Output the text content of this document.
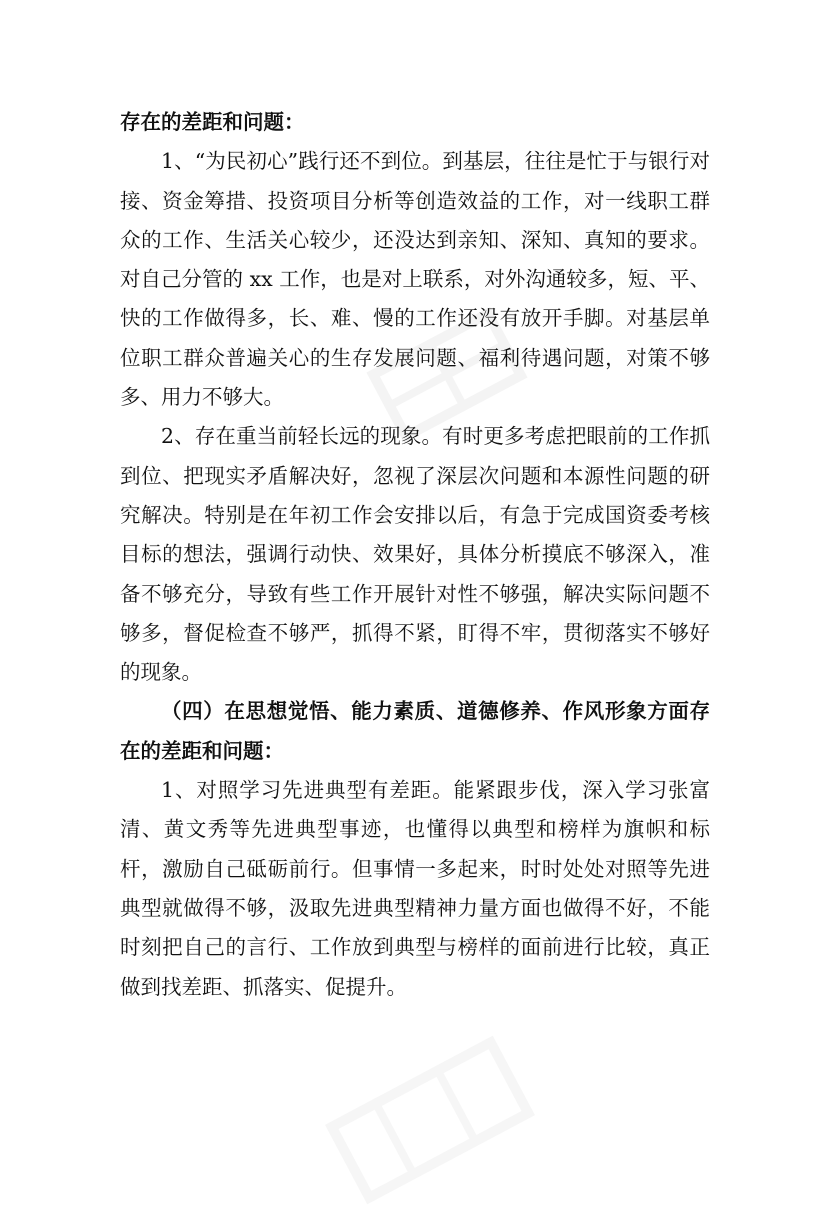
存在的差距和问题：

1、“为民初心”践行还不到位。到基层，往往是忙于与银行对接、资金筹措、投资项目分析等创造效益的工作，对一线职工群众的工作、生活关心较少，还没达到亲知、深知、真知的要求。对自己分管的 xx 工作，也是对上联系，对外沟通较多，短、平、快的工作做得多，长、难、慢的工作还没有放开手脚。对基层单位职工群众普遍关心的生存发展问题、福利待遇问题，对策不够多、用力不够大。

2、存在重当前轻长远的现象。有时更多考虑把眼前的工作抓到位、把现实矛盾解决好，忽视了深层次问题和本源性问题的研究解决。特别是在年初工作会安排以后，有急于完成国资委考核目标的想法，强调行动快、效果好，具体分析摸底不够深入，准备不够充分，导致有些工作开展针对性不够强，解决实际问题不够多，督促检查不够严，抓得不紧，盯得不牢，贯彻落实不够好的现象。

（四）在思想觉悟、能力素质、道德修养、作风形象方面存在的差距和问题：

1、对照学习先进典型有差距。能紧跟步伐，深入学习张富清、黄文秀等先进典型事迹，也懂得以典型和榜样为旗帜和标杆，激励自己砥砺前行。但事情一多起来，时时处处对照等先进典型就做得不够，汲取先进典型精神力量方面也做得不好，不能时刻把自己的言行、工作放到典型与榜样的面前进行比较，真正做到找差距、抓落实、促提升。
